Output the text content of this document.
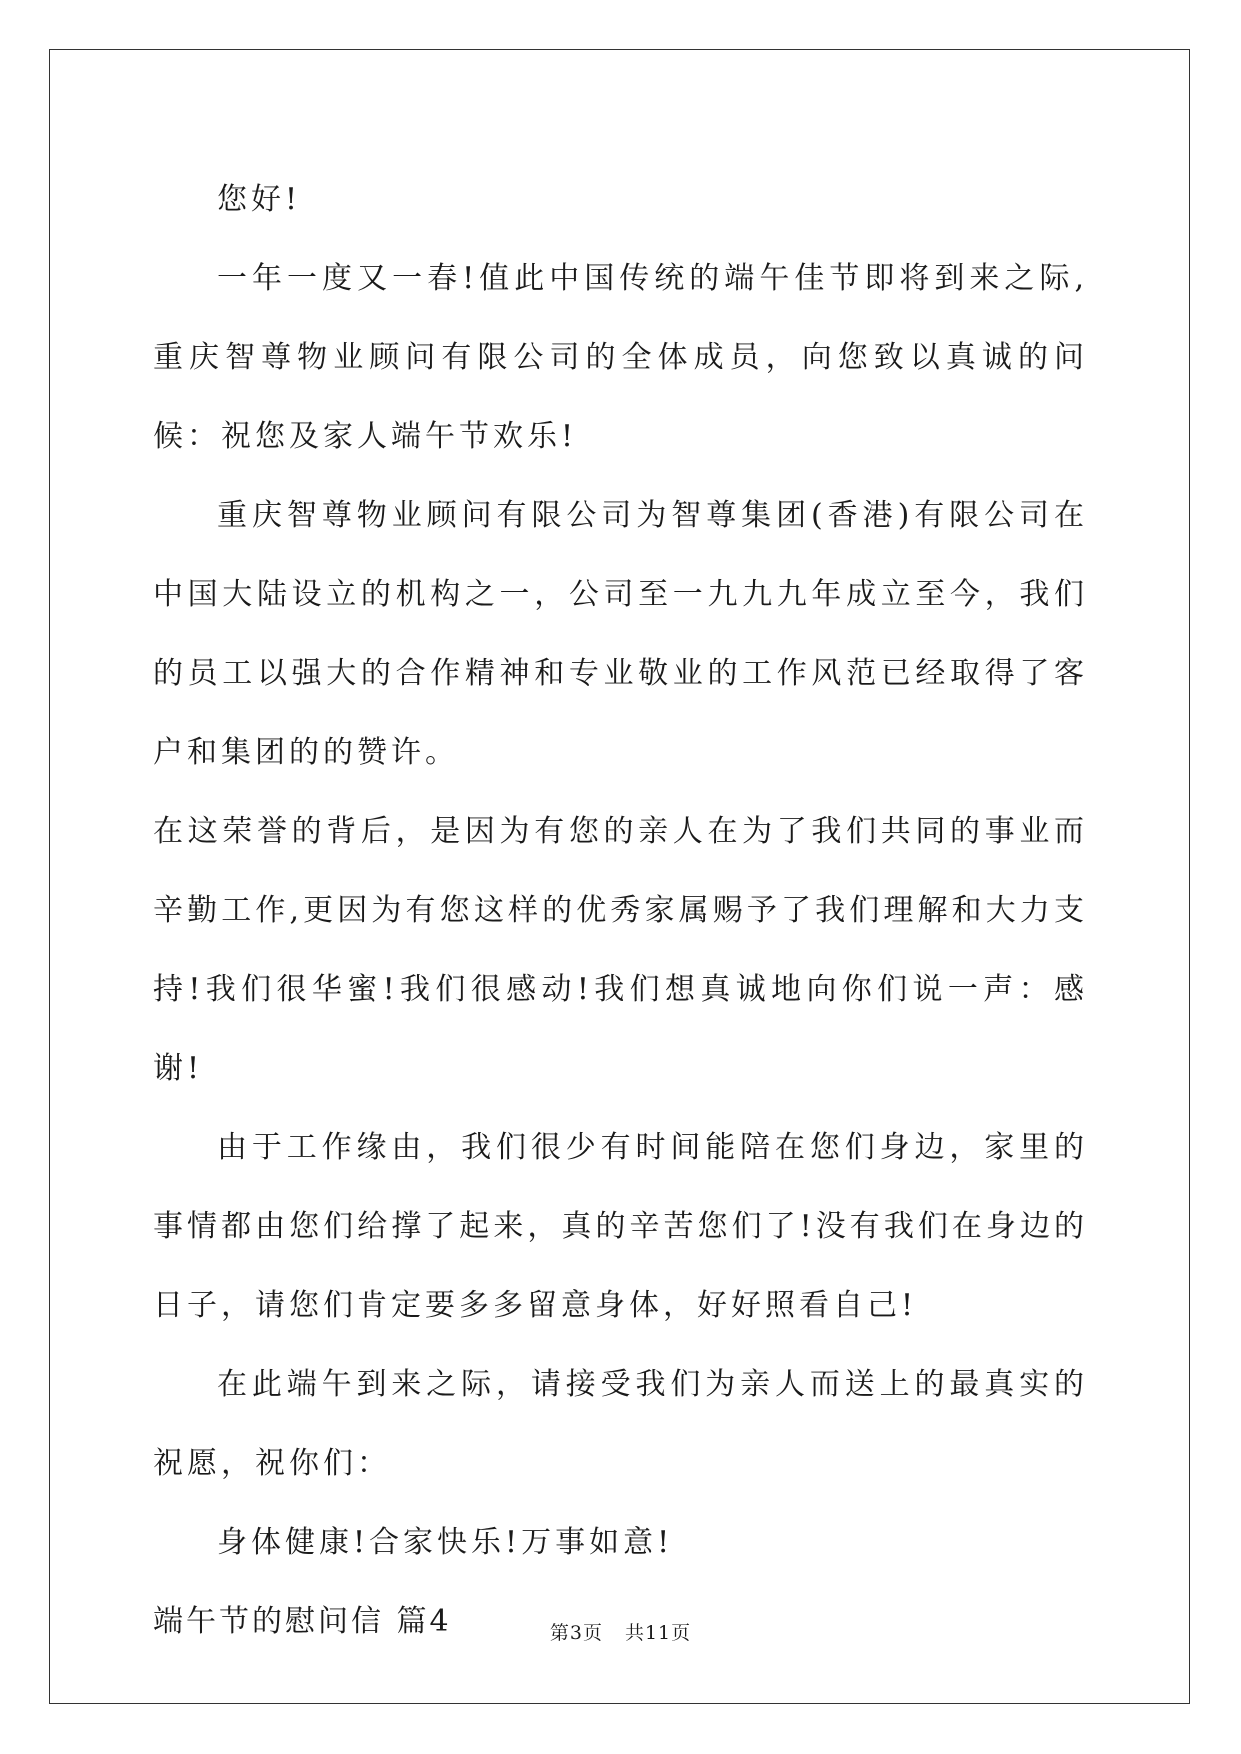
您好!

一年一度又一春!值此中国传统的端午佳节即将到来之际,重庆智尊物业顾问有限公司的全体成员，向您致以真诚的问候：祝您及家人端午节欢乐!

重庆智尊物业顾问有限公司为智尊集团(香港)有限公司在中国大陆设立的机构之一，公司至一九九九年成立至今，我们的员工以强大的合作精神和专业敬业的工作风范已经取得了客户和集团的的赞许。

在这荣誉的背后，是因为有您的亲人在为了我们共同的事业而辛勤工作,更因为有您这样的优秀家属赐予了我们理解和大力支持!我们很华蜜!我们很感动!我们想真诚地向你们说一声：感谢!

由于工作缘由，我们很少有时间能陪在您们身边，家里的事情都由您们给撑了起来，真的辛苦您们了!没有我们在身边的日子，请您们肯定要多多留意身体，好好照看自己!

在此端午到来之际，请接受我们为亲人而送上的最真实的祝愿，祝你们：

身体健康!合家快乐!万事如意!

端午节的慰问信 篇4	第3页 共11页
